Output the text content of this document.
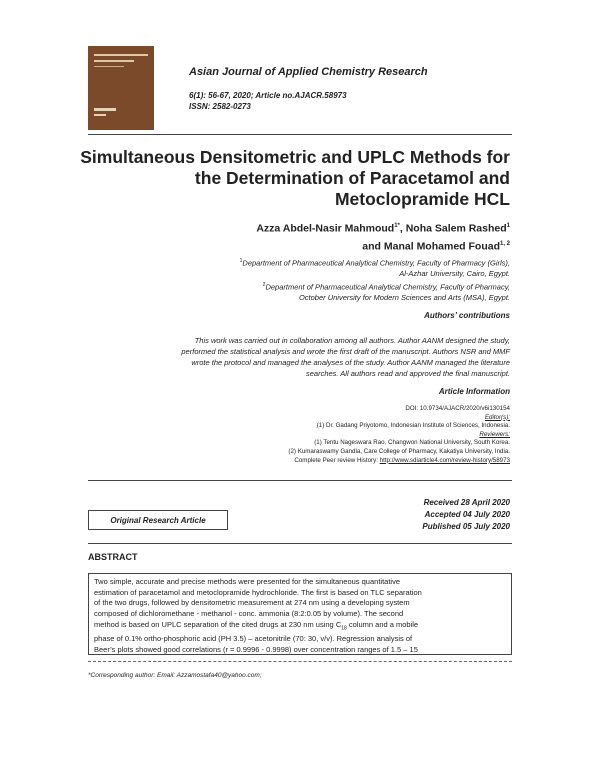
Asian Journal of Applied Chemistry Research
6(1): 56-67, 2020; Article no.AJACR.58973
ISSN: 2582-0273
Simultaneous Densitometric and UPLC Methods for
the Determination of Paracetamol and
Metoclopramide HCL
Azza Abdel-Nasir Mahmoud$^{1*}$, Noha Salem Rashed$^1$
and Manal Mohamed Fouad$^{1, 2}$
$^1$Department of Pharmaceutical Analytical Chemistry, Faculty of Pharmacy (Girls),
Al-Azhar University, Cairo, Egypt.
$^2$Department of Pharmaceutical Analytical Chemistry, Faculty of Pharmacy,
October University for Modern Sciences and Arts (MSA), Egypt.
Authors’ contributions
This work was carried out in collaboration among all authors. Author AANM designed the study,
performed the statistical analysis and wrote the first draft of the manuscript. Authors NSR and MMF
wrote the protocol and managed the analyses of the study. Author AANM managed the literature
searches. All authors read and approved the final manuscript.
Article Information
DOI: 10.9734/AJACR/2020/v6i130154
Editor(s):
(1) Dr. Gadang Priyotomo, Indonesian Institute of Sciences, Indonesia.
Reviewers:
(1) Tentu Nageswara Rao, Changwon National University, South Korea.
(2) Kumaraswamy Gandla, Care College of Pharmacy, Kakatiya University, India.
Complete Peer review History: http://www.sdiarticle4.com/review-history/58973
Received 28 April 2020
Accepted 04 July 2020
Published 05 July 2020
Original Research Article
ABSTRACT
Two simple, accurate and precise methods were presented for the simultaneous quantitative
estimation of paracetamol and metoclopramide hydrochloride. The first is based on TLC separation
of the two drugs, followed by densitometric measurement at 274 nm using a developing system
composed of dichloromethane - methanol - conc. ammonia (8:2:0.05 by volume). The second
method is based on UPLC separation of the cited drugs at 230 nm using $C_{18}$ column and a mobile
phase of 0.1% ortho-phosphoric acid (PH 3.5) – acetonitrile (70: 30, v/v). Regression analysis of
Beer’s plots showed good correlations (r = 0.9996 - 0.9998) over concentration ranges of 1.5 – 15
*Corresponding author: Email: Azzamostafa40@yahoo.com;
